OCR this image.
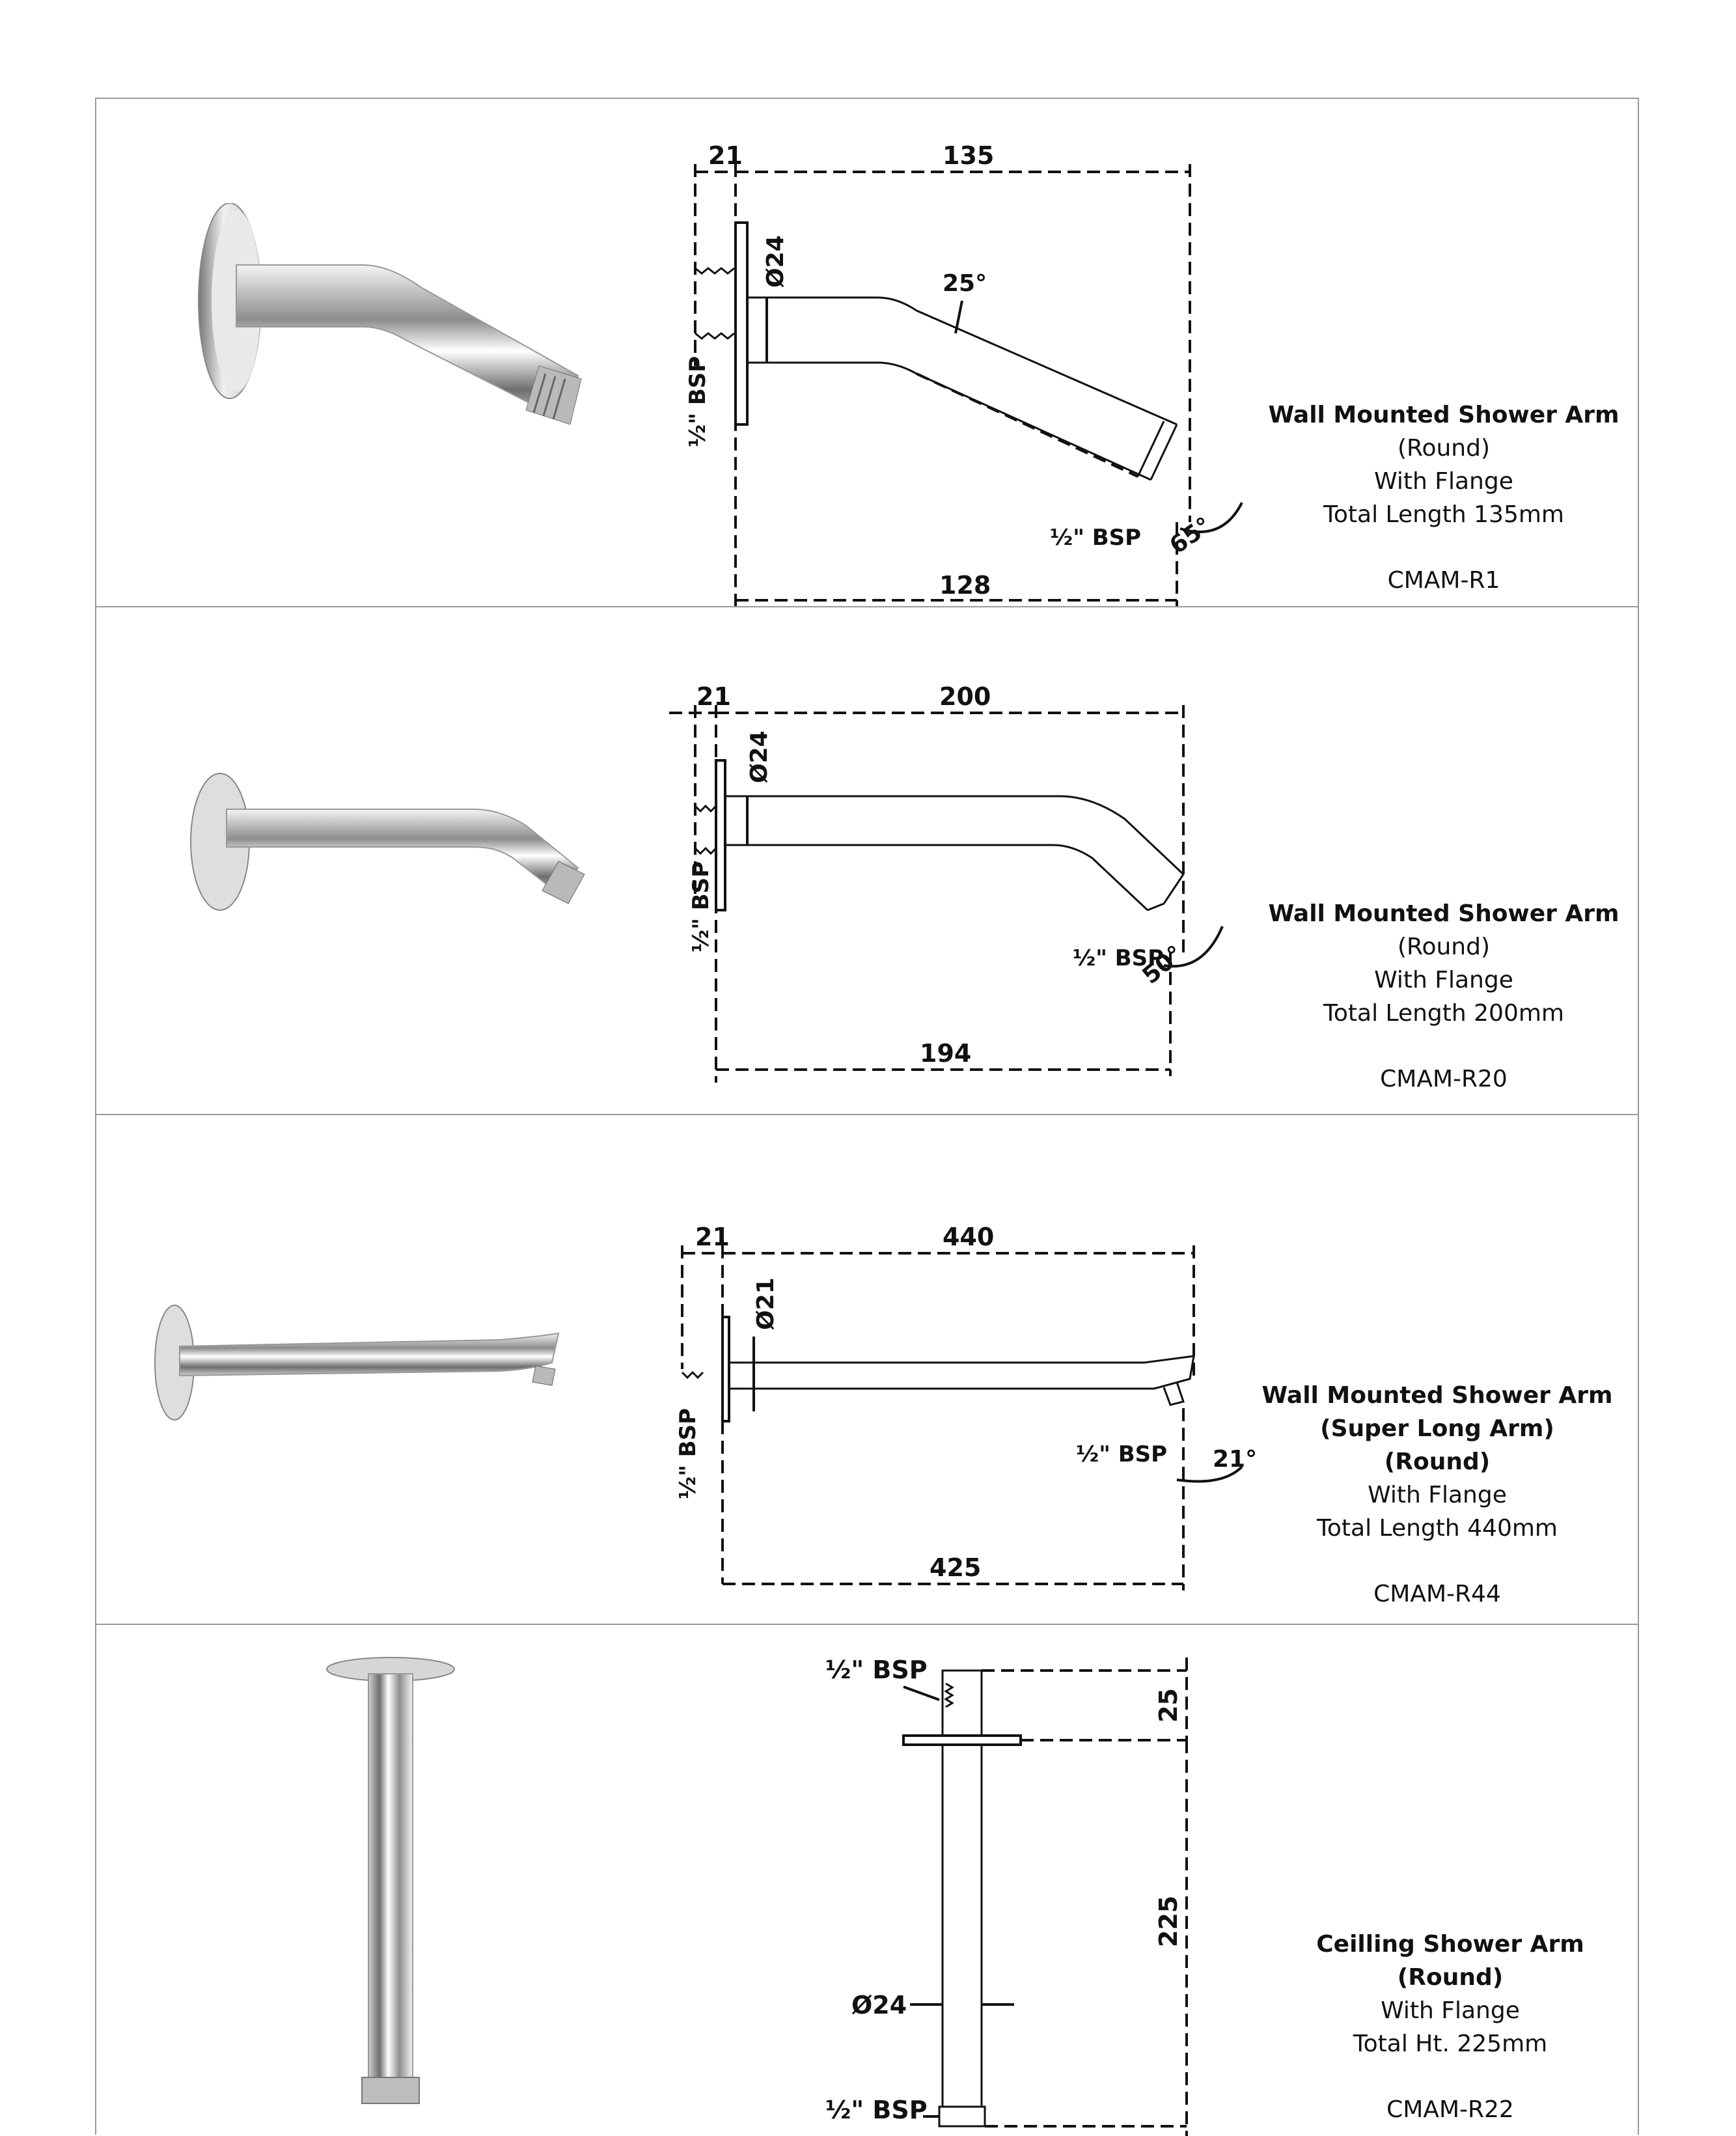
21	135
Ø24
½" BSP
25°
65°
½" BSP
128
Wall Mounted Shower Arm
(Round)
With Flange
Total Length 135mm
CMAM-R1
21	200
Ø24
½" BSP
½" BSP
50°
194
Wall Mounted Shower Arm
(Round)
With Flange
Total Length 200mm
CMAM-R20
21	440
Ø21
½" BSP	½" BSP 21°
425
Wall Mounted Shower Arm
(Super Long Arm)
(Round)
With Flange
Total Length 440mm
CMAM-R44
½" BSP
Ø24
½" BSP
25
225	Ceilling Shower Arm
(Round)
With Flange
Total Ht. 225mm
CMAM-R22
